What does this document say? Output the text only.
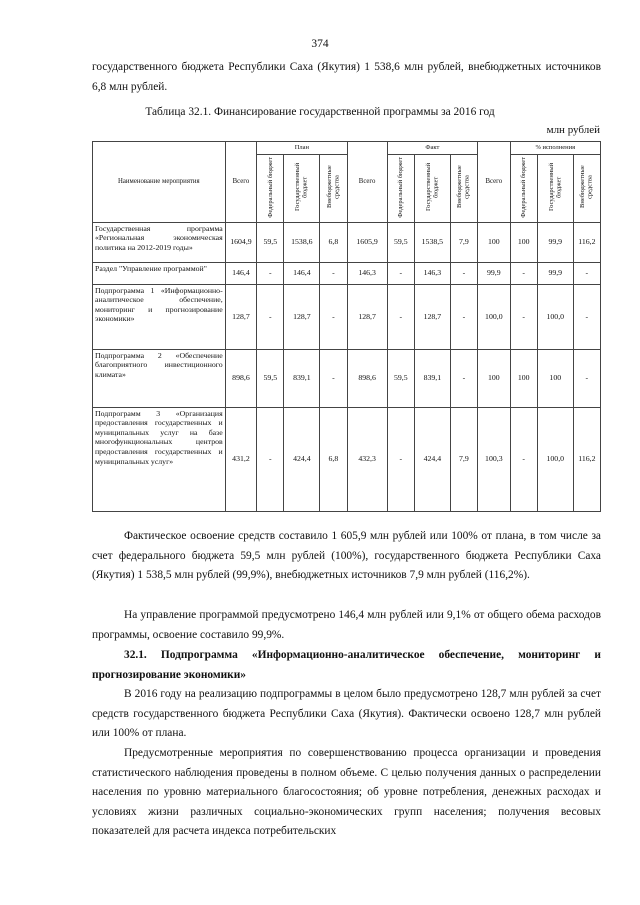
374

государственного бюджета Республики Саха (Якутия) 1 538,6 млн рублей, внебюджетных источников 6,8 млн рублей.

Таблица 32.1. Финансирование государственной программы за 2016 год
млн рублей
Наименование мероприятия	Всего	План			Всего	Факт			Всего	% исполнения		
		Федеральный бюджет	Государственный бюджет	Внебюджетные средства		Федеральный бюджет	Государственный бюджет	Внебюджетные средства		Федеральный бюджет	Государственный бюджет	Внебюджетные средства
Государственная программа «Региональная экономическая политика на 2012-2019 годы»	1604,9	59,5	1538,6	6,8	1605,9	59,5	1538,5	7,9	100	100	99,9	116,2
Раздел "Управление программой"	146,4	-	146,4	-	146,3	-	146,3	-	99,9	-	99,9	-
Подпрограмма 1 «Информационно-аналитическое обеспечение, мониторинг и прогнозирование экономики»	128,7	-	128,7	-	128,7	-	128,7	-	100,0	-	100,0	-
Подпрограмма 2 «Обеспечение благоприятного инвестиционного климата»	898,6	59,5	839,1	-	898,6	59,5	839,1	-	100	100	100	-
Подпрограмм 3 «Организация предоставления государственных и муниципальных услуг на базе многофункциональных центров предоставления государственных и муниципальных услуг»	431,2	-	424,4	6,8	432,3	-	424,4	7,9	100,3	-	100,0	116,2

Фактическое освоение средств составило 1 605,9 млн рублей или 100% от плана, в том числе за счет федерального бюджета 59,5 млн рублей (100%), государственного бюджета Республики Саха (Якутия) 1 538,5 млн рублей (99,9%), внебюджетных источников 7,9 млн рублей (116,2%).

На управление программой предусмотрено 146,4 млн рублей или 9,1% от общего обема расходов программы, освоение составило 99,9%.

32.1. Подпрограмма «Информационно-аналитическое обеспечение, мониторинг и прогнозирование экономики»

В 2016 году на реализацию подпрограммы в целом было предусмотрено 128,7 млн рублей за счет средств государственного бюджета Республики Саха (Якутия). Фактически освоено 128,7 млн рублей или 100% от плана.

Предусмотренные мероприятия по совершенствованию процесса организации и проведения статистического наблюдения проведены в полном объеме. С целью получения данных о распределении населения по уровню материального благосостояния; об уровне потребления, денежных расходах и условиях жизни различных социально-экономических групп населения; получения весовых показателей для расчета индекса потребительских
